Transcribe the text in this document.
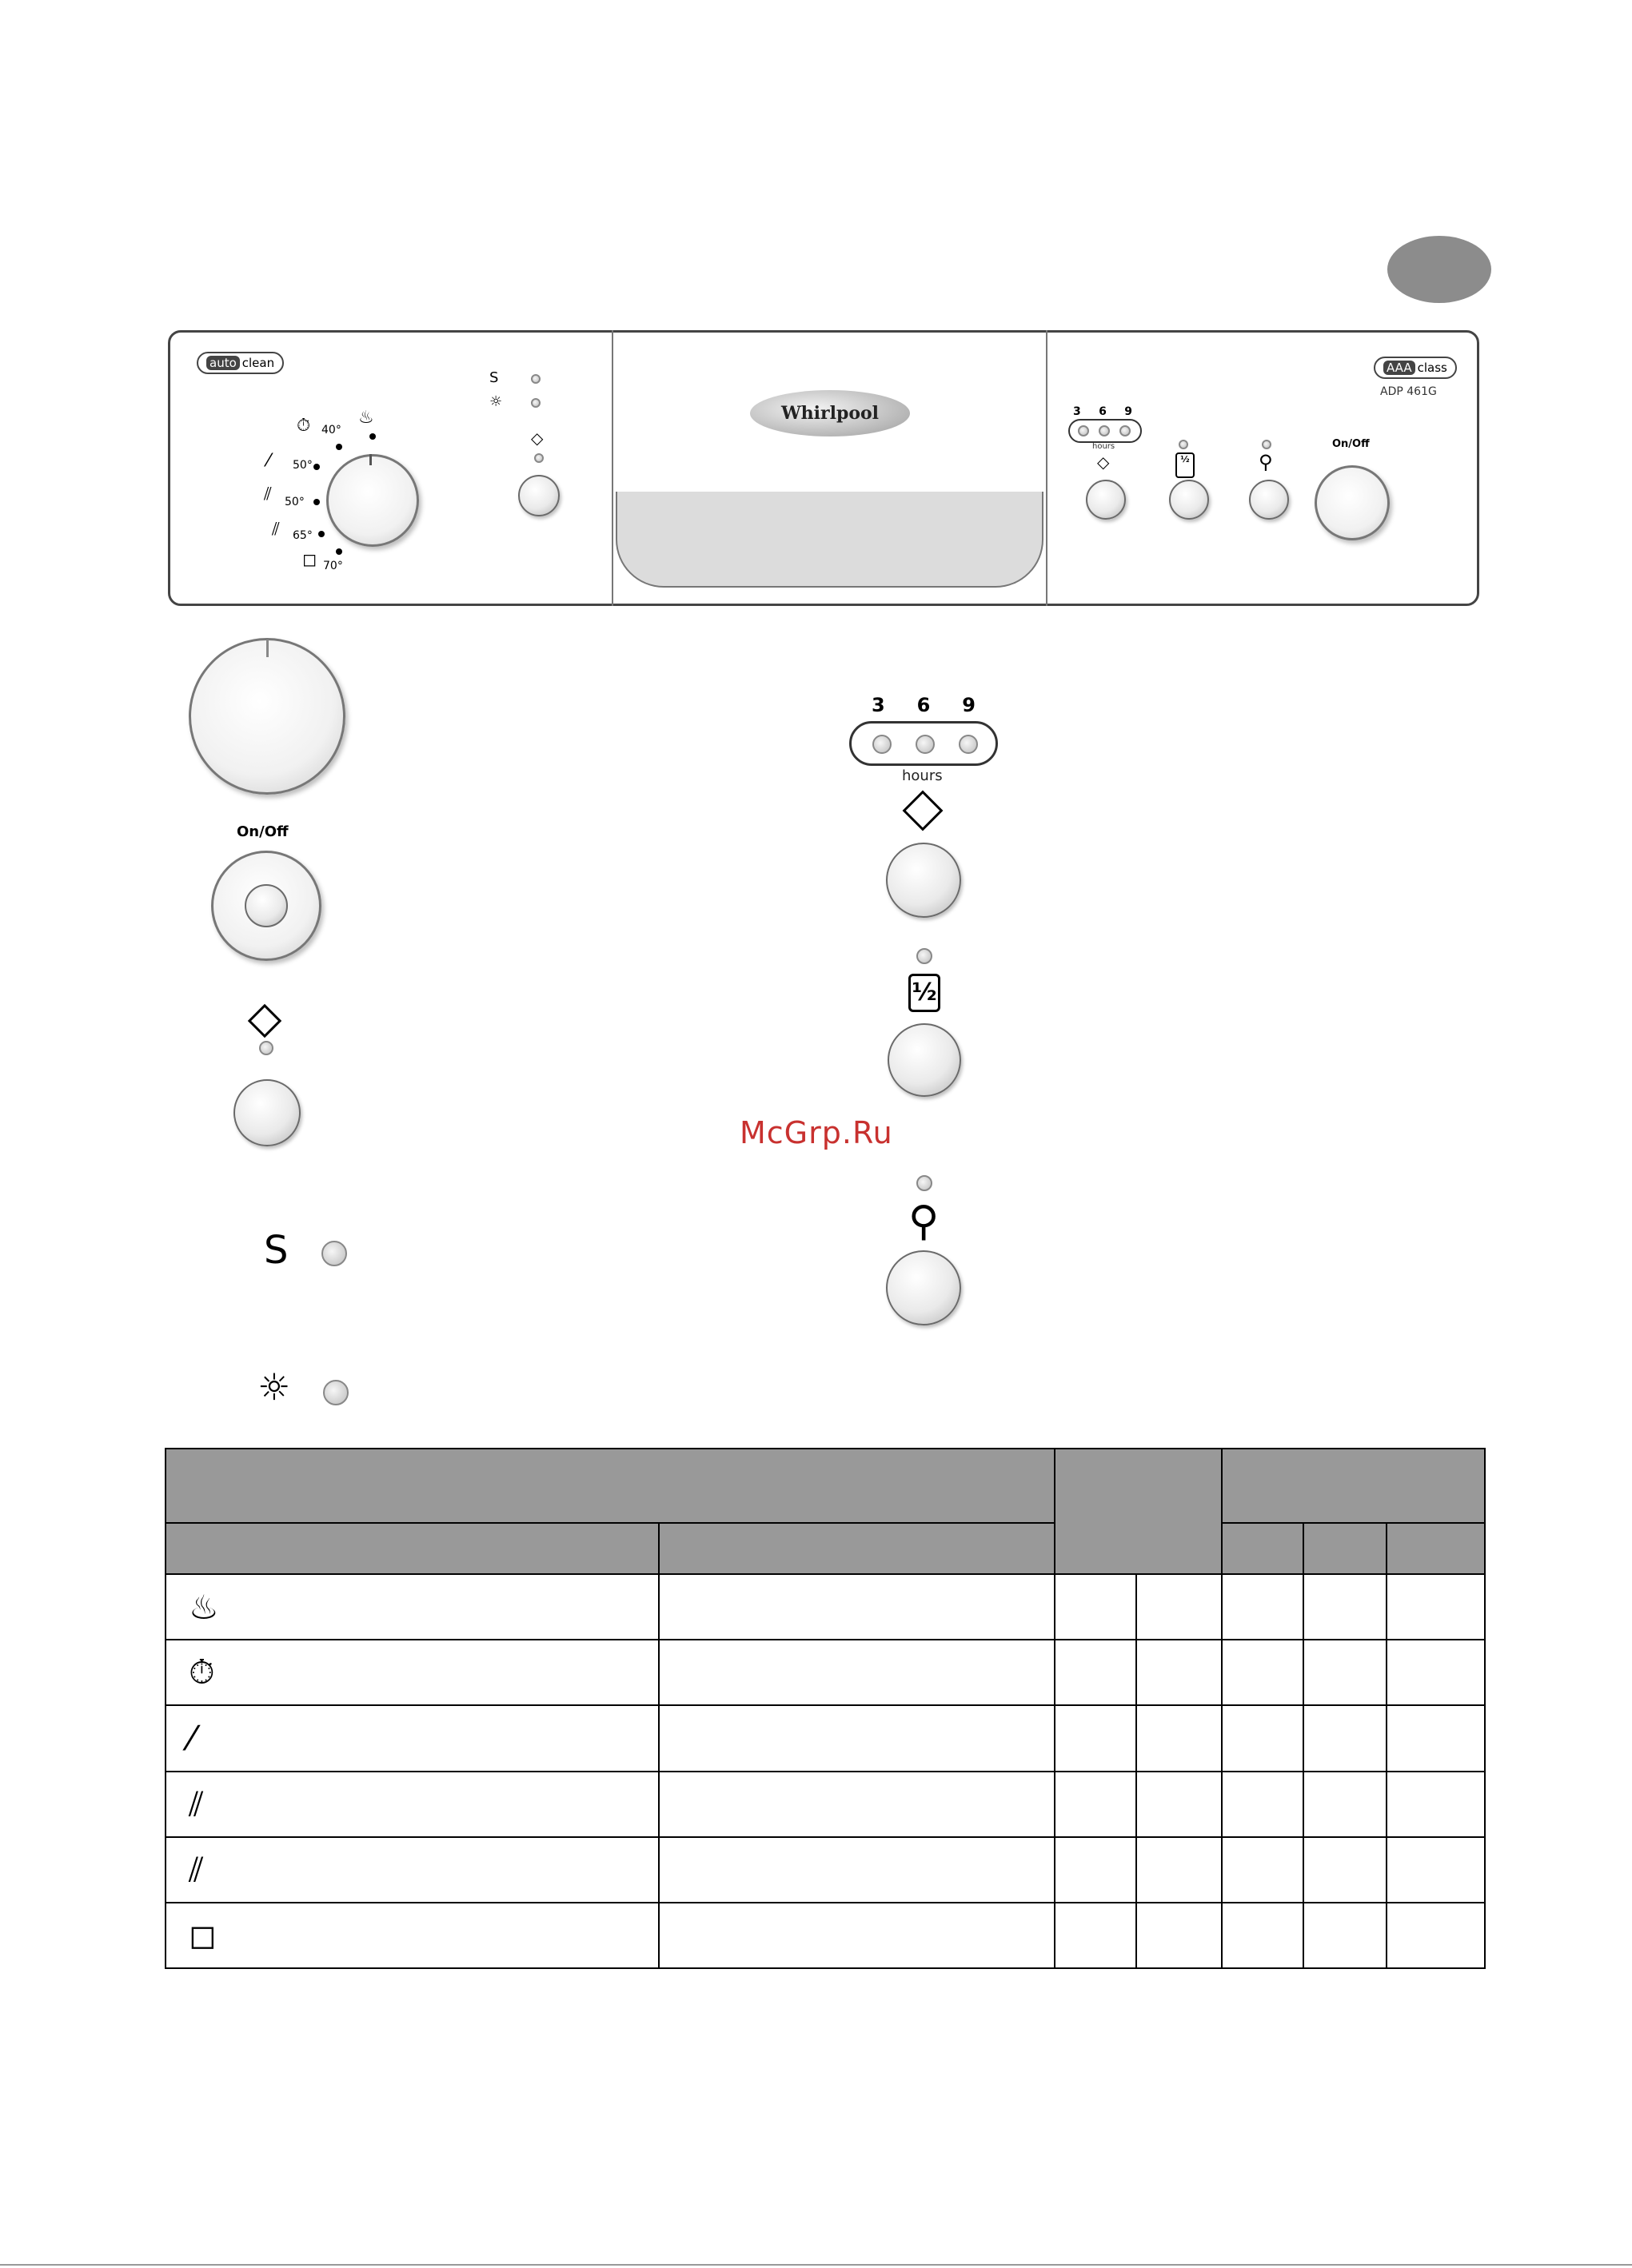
Whirlpool
auto clean	AAA class
ADP 461G
⏱ 40°
♨
⁄ 50°
⫽ 50°
⫽ 65°
◻ 70°
S
☼
◇
3 6 9
hours
◇	½	⚲
On/Off
On/Off
S
☼
3 6 9
hours
½
McGrp.Ru
⚲

♨						
⏱						
⁄						
⫽						
⫽						
◻						
